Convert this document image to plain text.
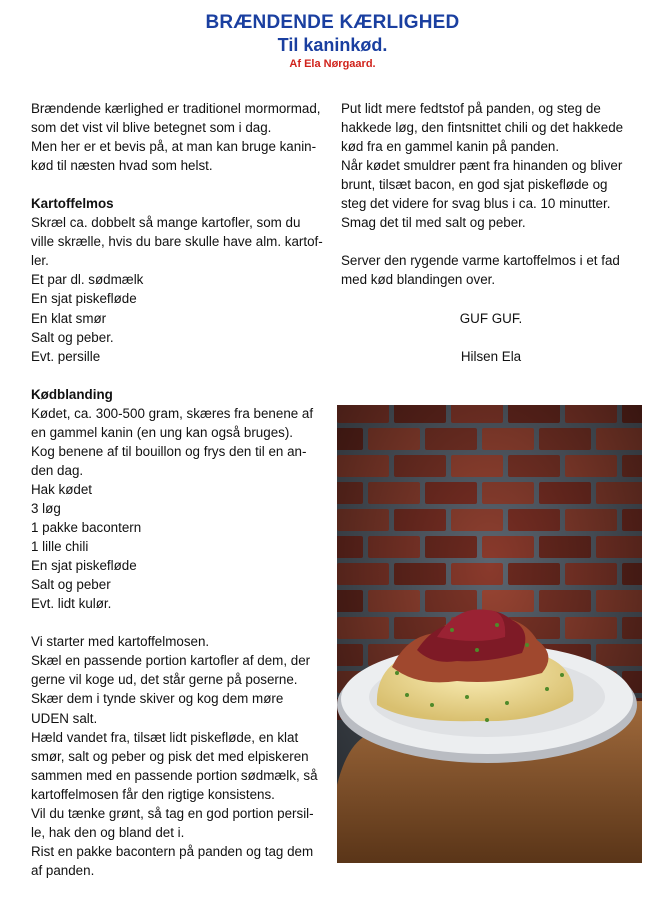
BRÆNDENDE KÆRLIGHED
Til kaninkød.
Af Ela Nørgaard.
Brændende kærlighed er traditionel mormormad,
som det vist vil blive betegnet som i dag.
Men her er et bevis på, at man kan bruge kanin-
kød til næsten hvad som helst.
Kartoffelmos
Skræl ca. dobbelt så mange kartofler, som du
ville skrælle, hvis du bare skulle have alm. kartof-
ler.
Et par dl. sødmælk
En sjat piskefløde
En klat smør
Salt og peber.
Evt. persille
Kødblanding
Kødet, ca. 300-500 gram, skæres fra benene af
en gammel kanin (en ung kan også bruges).
Kog benene af til bouillon og frys den til en an-
den dag.
Hak kødet
3 løg
1 pakke bacontern
1 lille chili
En sjat piskefløde
Salt og peber
Evt. lidt kulør.
Vi starter med kartoffelmosen.
Skæl en passende portion kartofler af dem, der
gerne vil koge ud, det står gerne på poserne.
Skær dem i tynde skiver og kog dem møre
UDEN salt.
Hæld vandet fra, tilsæt lidt piskefløde, en klat
smør, salt og peber og pisk det med elpiskeren
sammen med en passende portion sødmælk, så
kartoffelmosen får den rigtige konsistens.
Vil du tænke grønt, så tag en god portion persil-
le, hak den og bland det i.
Rist en pakke bacontern på panden og tag dem
af panden.
Put lidt mere fedtstof på panden, og steg de
hakkede løg, den fintsnittet chili og det hakkede
kød fra en gammel kanin på panden.
Når kødet smuldrer pænt fra hinanden og bliver
brunt, tilsæt bacon, en god sjat piskefløde og
steg det videre for svag blus i ca. 10 minutter.
Smag det til med salt og peber.
Server den rygende varme kartoffelmos i et fad
med kød blandingen over.
GUF GUF.
Hilsen Ela
